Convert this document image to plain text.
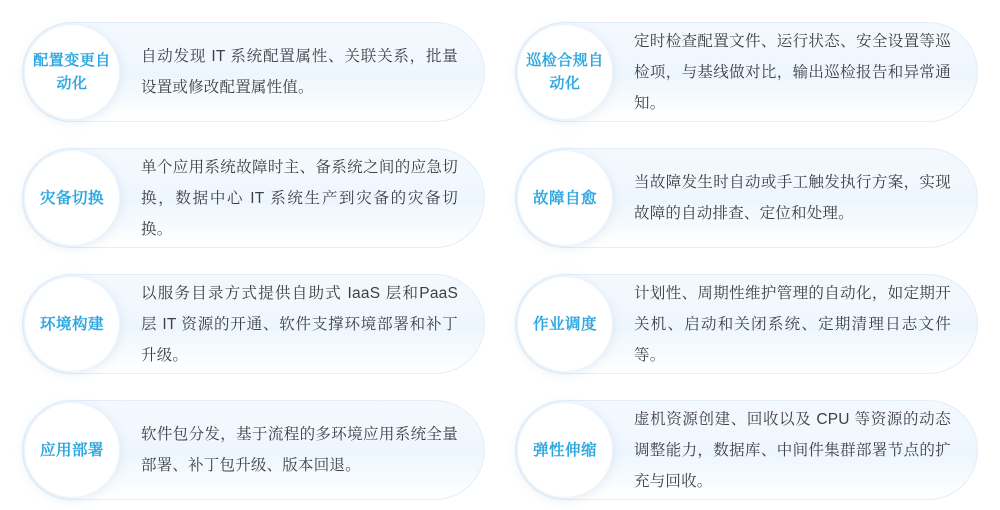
自动发现 IT 系统配置属性、关联关系，批量设置或修改配置属性值。
配置变更自动化
定时检查配置文件、运行状态、安全设置等巡检项，与基线做对比，输出巡检报告和异常通知。
巡检合规自动化
单个应用系统故障时主、备系统之间的应急切换，数据中心 IT 系统生产到灾备的灾备切换。
灾备切换
当故障发生时自动或手工触发执行方案，实现故障的自动排查、定位和处理。
故障自愈
以服务目录方式提供自助式 IaaS 层和PaaS 层 IT 资源的开通、软件支撑环境部署和补丁升级。
环境构建
计划性、周期性维护管理的自动化，如定期开关机、启动和关闭系统、定期清理日志文件等。
作业调度
软件包分发，基于流程的多环境应用系统全量部署、补丁包升级、版本回退。
应用部署
虚机资源创建、回收以及 CPU 等资源的动态调整能力，数据库、中间件集群部署节点的扩充与回收。
弹性伸缩
